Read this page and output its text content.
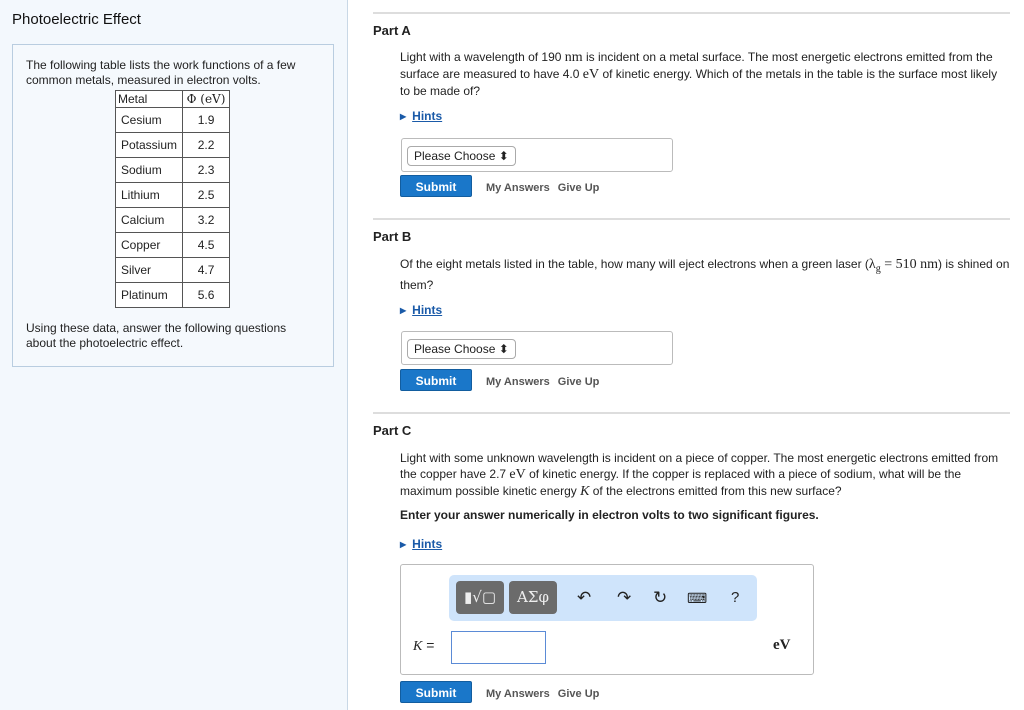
Photoelectric Effect

The following table lists the work functions of a few
common metals, measured in electron volts.

Metal	Φ (eV)
Cesium	1.9
Potassium	2.2
Sodium	2.3
Lithium	2.5
Calcium	3.2
Copper	4.5
Silver	4.7
Platinum	5.6

Using these data, answer the following questions
about the photoelectric effect.

Part A
Light with a wavelength of 190 nm is incident on a metal surface. The most energetic electrons emitted from the surface are measured to have 4.0 eV of kinetic energy. Which of the metals in the table is the surface most likely to be made of?
▶ Hints
Please Choose ⬍
Submit	My Answers Give Up
Part B
Of the eight metals listed in the table, how many will eject electrons when a green laser ($\lambda_g = 510$ nm) is shined on them?
▶ Hints
Please Choose ⬍
Submit	My Answers Give Up
Part C
Light with some unknown wavelength is incident on a piece of copper. The most energetic electrons emitted from the copper have 2.7 eV of kinetic energy. If the copper is replaced with a piece of sodium, what will be the maximum possible kinetic energy K of the electrons emitted from this new surface?
Enter your answer numerically in electron volts to two significant figures.
▶ Hints
▮√▢	ΑΣφ	↶ ↷ ↻ ⌨ ?
K =	eV
Submit	My Answers Give Up
